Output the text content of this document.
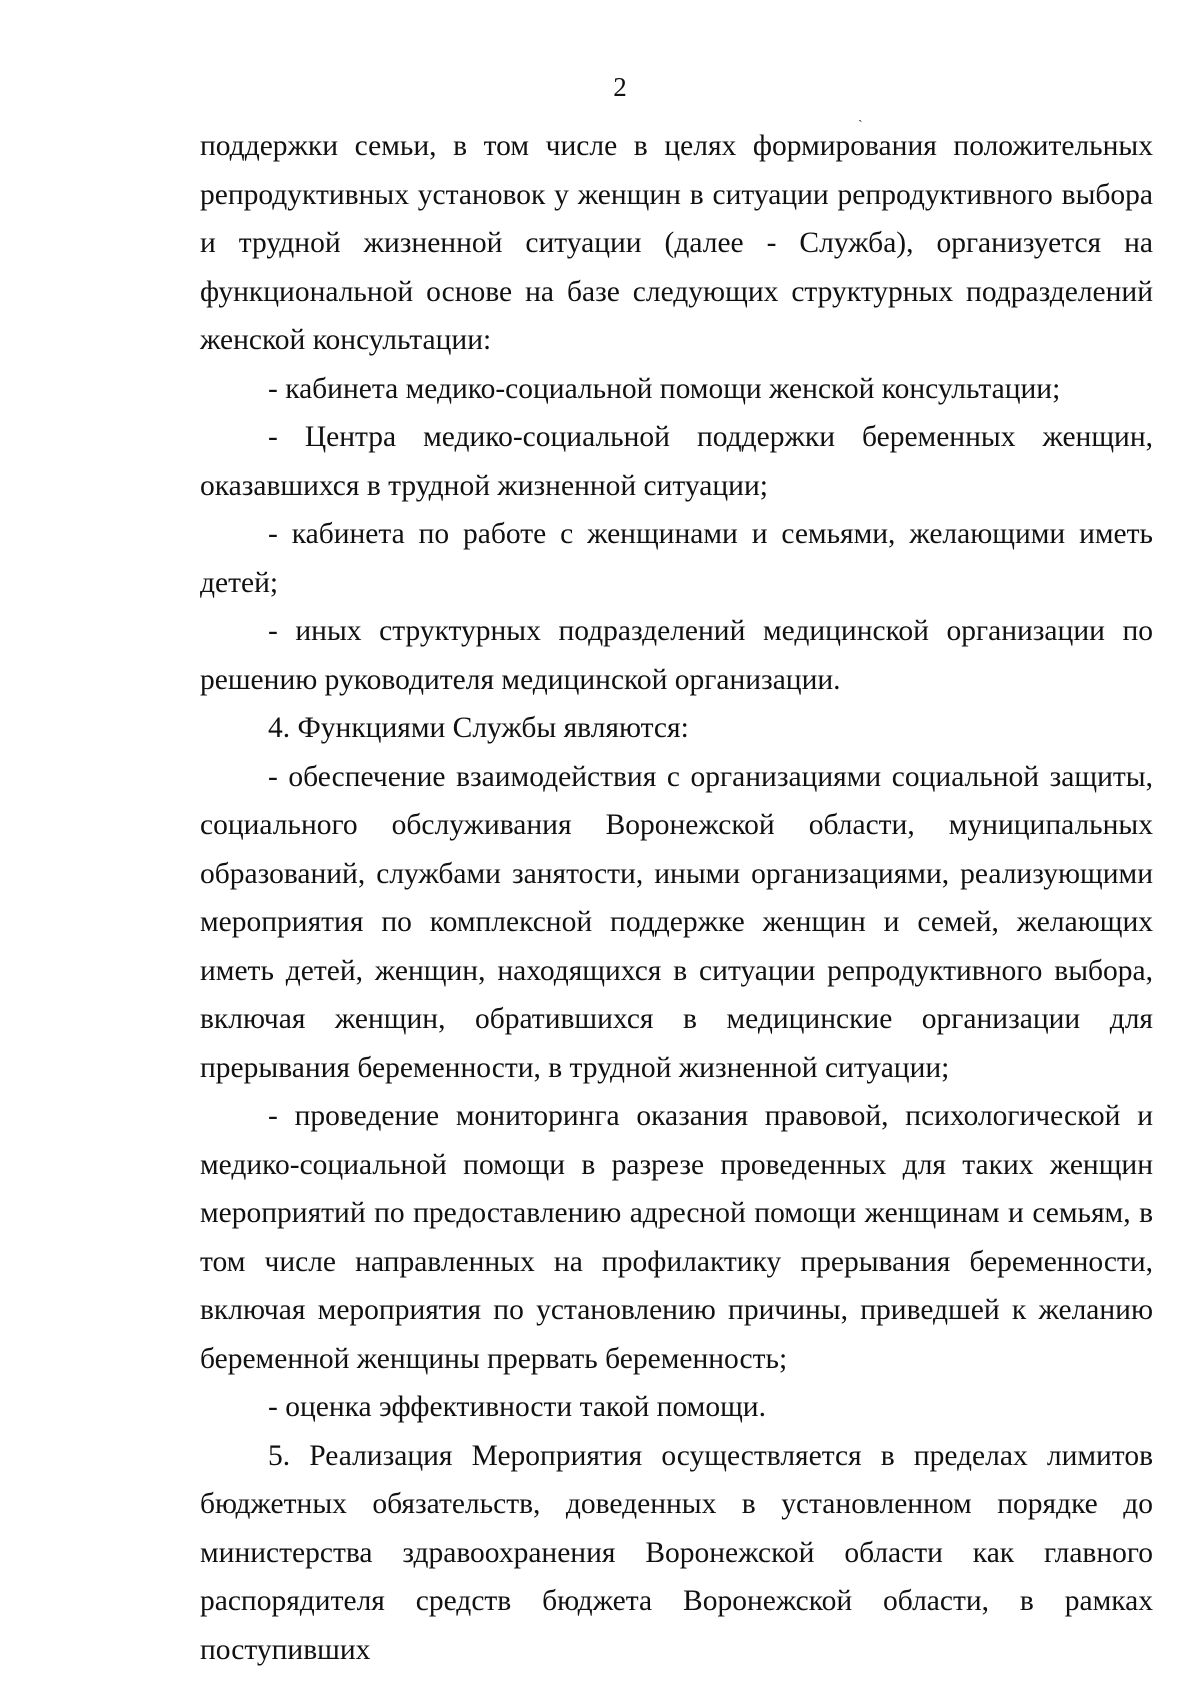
2
ˎ

поддержки семьи, в том числе в целях формирования положительных репродуктивных установок у женщин в ситуации репродуктивного выбора и трудной жизненной ситуации (далее - Служба), организуется на функциональной основе на базе следующих структурных подразделений женской консультации:

- кабинета медико-социальной помощи женской консультации;

- Центра медико-социальной поддержки беременных женщин, оказавшихся в трудной жизненной ситуации;

- кабинета по работе с женщинами и семьями, желающими иметь детей;

- иных структурных подразделений медицинской организации по решению руководителя медицинской организации.

4. Функциями Службы являются:

- обеспечение взаимодействия с организациями социальной защиты, социального обслуживания Воронежской области, муниципальных образований, службами занятости, иными организациями, реализующими мероприятия по комплексной поддержке женщин и семей, желающих иметь детей, женщин, находящихся в ситуации репродуктивного выбора, включая женщин, обратившихся в медицинские организации для прерывания беременности, в трудной жизненной ситуации;

- проведение мониторинга оказания правовой, психологической и медико-социальной помощи в разрезе проведенных для таких женщин мероприятий по предоставлению адресной помощи женщинам и семьям, в том числе направленных на профилактику прерывания беременности, включая мероприятия по установлению причины, приведшей к желанию беременной женщины прервать беременность;

- оценка эффективности такой помощи.

5. Реализация Мероприятия осуществляется в пределах лимитов бюджетных обязательств, доведенных в установленном порядке до министерства здравоохранения Воронежской области как главного распорядителя средств бюджета Воронежской области, в рамках поступивших
